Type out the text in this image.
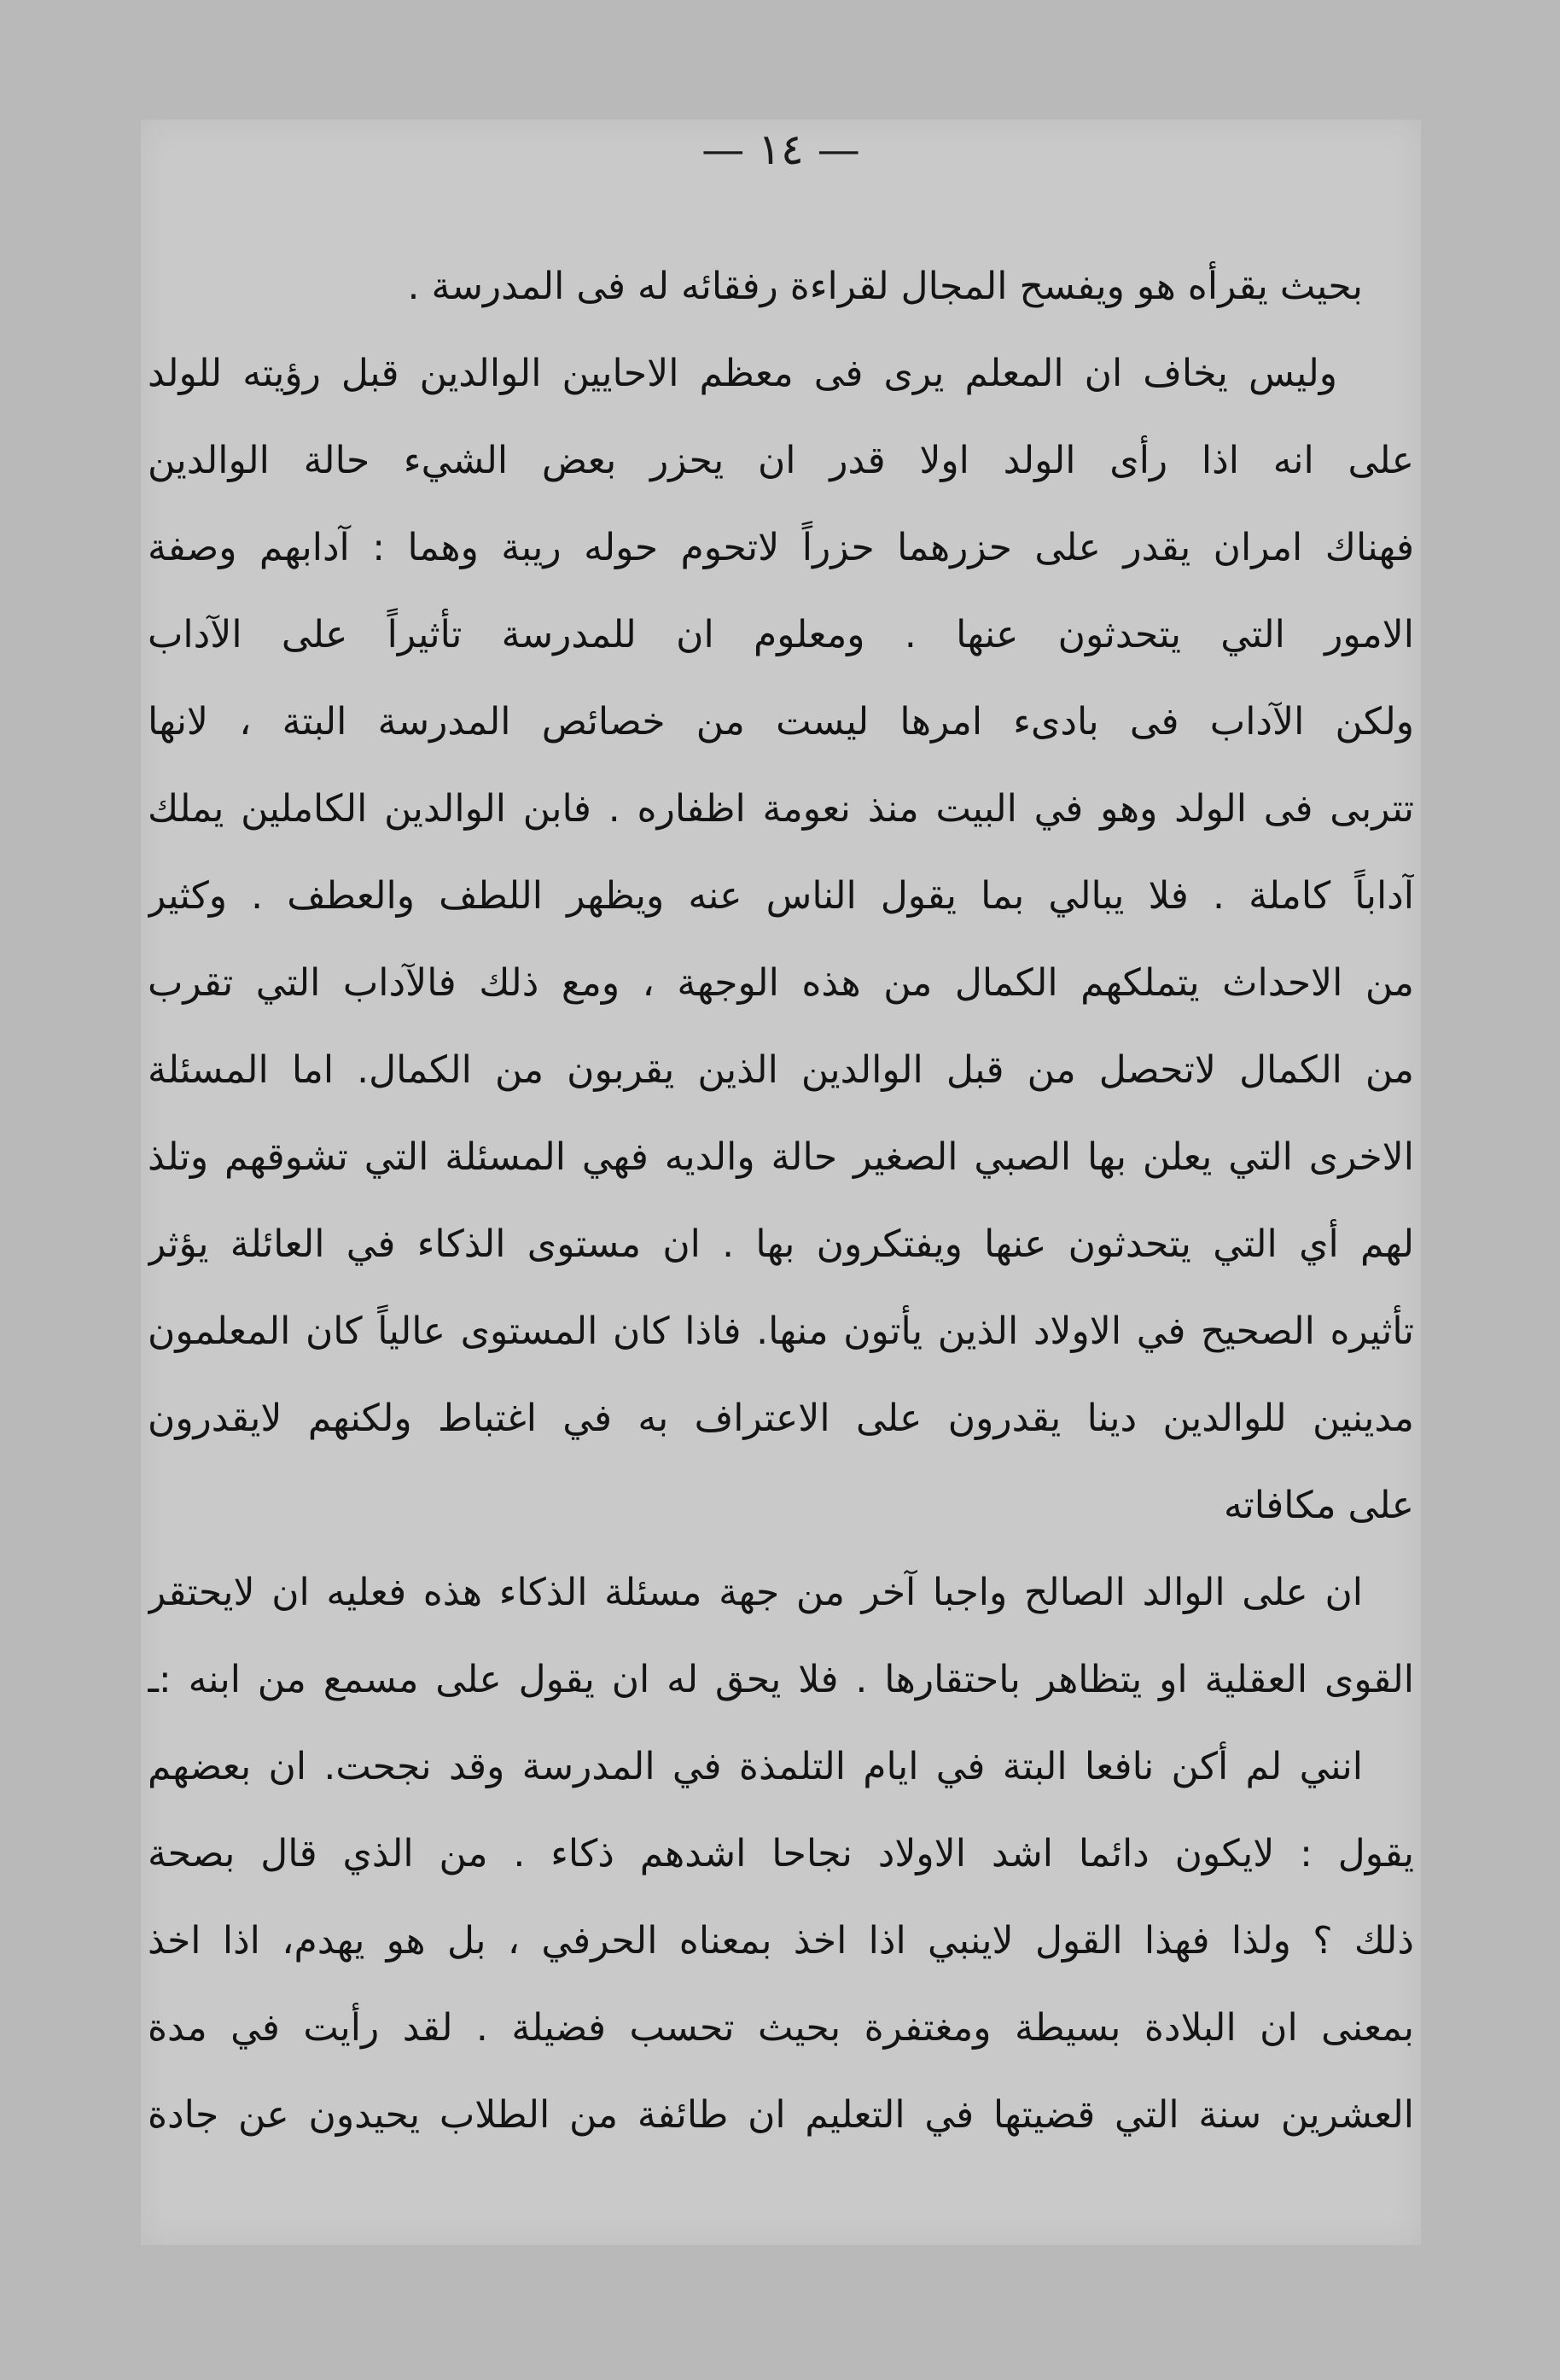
— ١٤ —
بحيث يقرأه هو ويفسح المجال لقراءة رفقائه له فى المدرسة .
وليس يخاف ان المعلم يرى فى معظم الاحايين الوالدين قبل رؤيته للولد
على انه اذا رأى الولد اولا قدر ان يحزر بعض الشيء حالة الوالدين
فهناك امران يقدر على حزرهما حزراً لاتحوم حوله ريبة وهما : آدابهم وصفة
الامور التي يتحدثون عنها . ومعلوم ان للمدرسة تأثيراً على الآداب
ولكن الآداب فى بادىء امرها ليست من خصائص المدرسة البتة ، لانها
تتربى فى الولد وهو في البيت منذ نعومة اظفاره . فابن الوالدين الكاملين يملك
آداباً كاملة . فلا يبالي بما يقول الناس عنه ويظهر اللطف والعطف . وكثير
من الاحداث يتملكهم الكمال من هذه الوجهة ، ومع ذلك فالآداب التي تقرب
من الكمال لاتحصل من قبل الوالدين الذين يقربون من الكمال. اما المسئلة
الاخرى التي يعلن بها الصبي الصغير حالة والديه فهي المسئلة التي تشوقهم وتلذ
لهم أي التي يتحدثون عنها ويفتكرون بها . ان مستوى الذكاء في العائلة يؤثر
تأثيره الصحيح في الاولاد الذين يأتون منها. فاذا كان المستوى عالياً كان المعلمون
مدينين للوالدين دينا يقدرون على الاعتراف به في اغتباط ولكنهم لايقدرون
على مكافاته
ان على الوالد الصالح واجبا آخر من جهة مسئلة الذكاء هذه فعليه ان لايحتقر
القوى العقلية او يتظاهر باحتقارها . فلا يحق له ان يقول على مسمع من ابنه :ـ
انني لم أكن نافعا البتة في ايام التلمذة في المدرسة وقد نجحت. ان بعضهم
يقول : لايكون دائما اشد الاولاد نجاحا اشدهم ذكاء . من الذي قال بصحة
ذلك ؟ ولذا فهذا القول لاينبي اذا اخذ بمعناه الحرفي ، بل هو يهدم، اذا اخذ
بمعنى ان البلادة بسيطة ومغتفرة بحيث تحسب فضيلة . لقد رأيت في مدة
العشرين سنة التي قضيتها في التعليم ان طائفة من الطلاب يحيدون عن جادة
